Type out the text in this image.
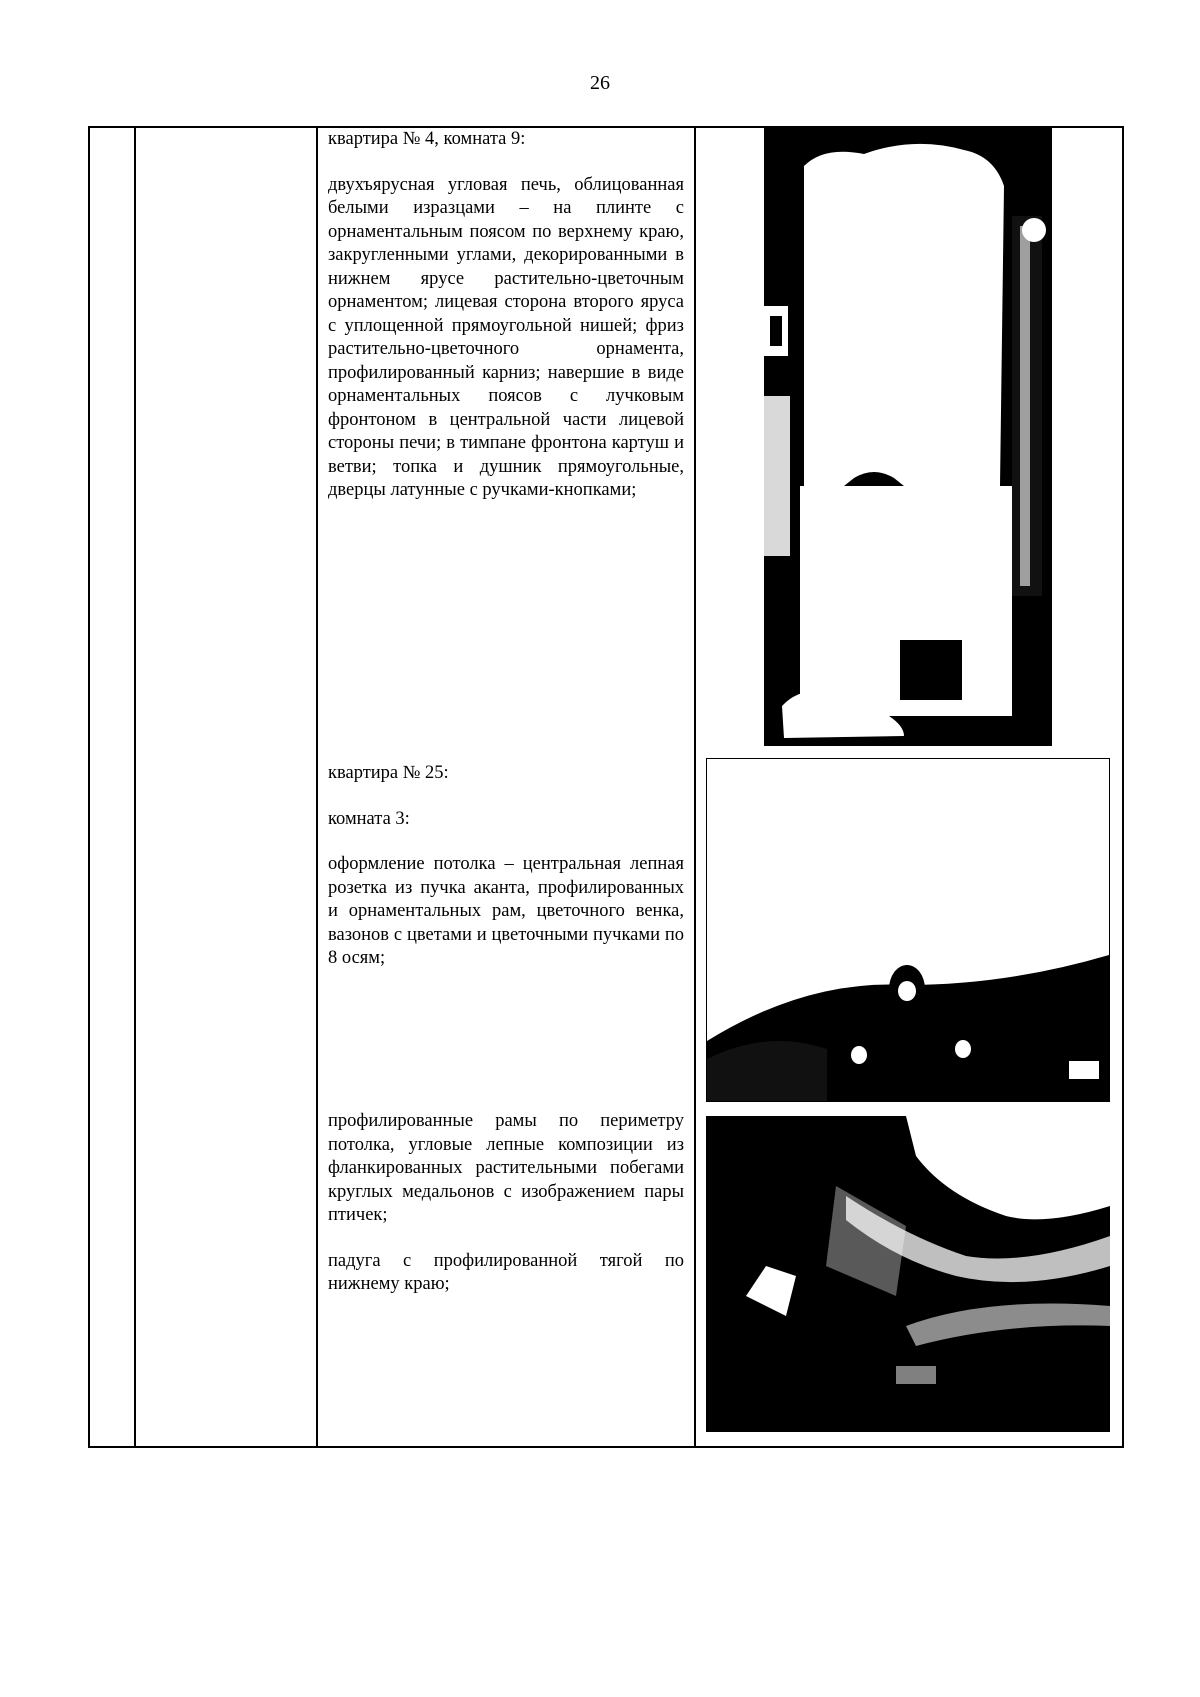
26

квартира № 4, комната 9:

двухъярусная угловая печь, облицованная белыми изразцами – на плинте с орнаментальным поясом по верхнему краю, закругленными углами, декорированными в нижнем ярусе растительно-цветочным орнаментом; лицевая сторона второго яруса с уплощенной прямоугольной нишей; фриз растительно-цветочного орнамента, профилированный карниз; навершие в виде орнаментальных поясов с лучковым фронтоном в центральной части лицевой стороны печи; в тимпане фронтона картуш и ветви; топка и душник прямоугольные, дверцы латунные с ручками-кнопками;

квартира № 25:

комната 3:

оформление потолка – центральная лепная розетка из пучка аканта, профилированных и орнаментальных рам, цветочного венка, вазонов с цветами и цветочными пучками по 8 осям;

профилированные рамы по периметру потолка, угловые лепные композиции из фланкированных растительными побегами круглых медальонов с изображением пары птичек;

падуга с профилированной тягой по нижнему краю;
